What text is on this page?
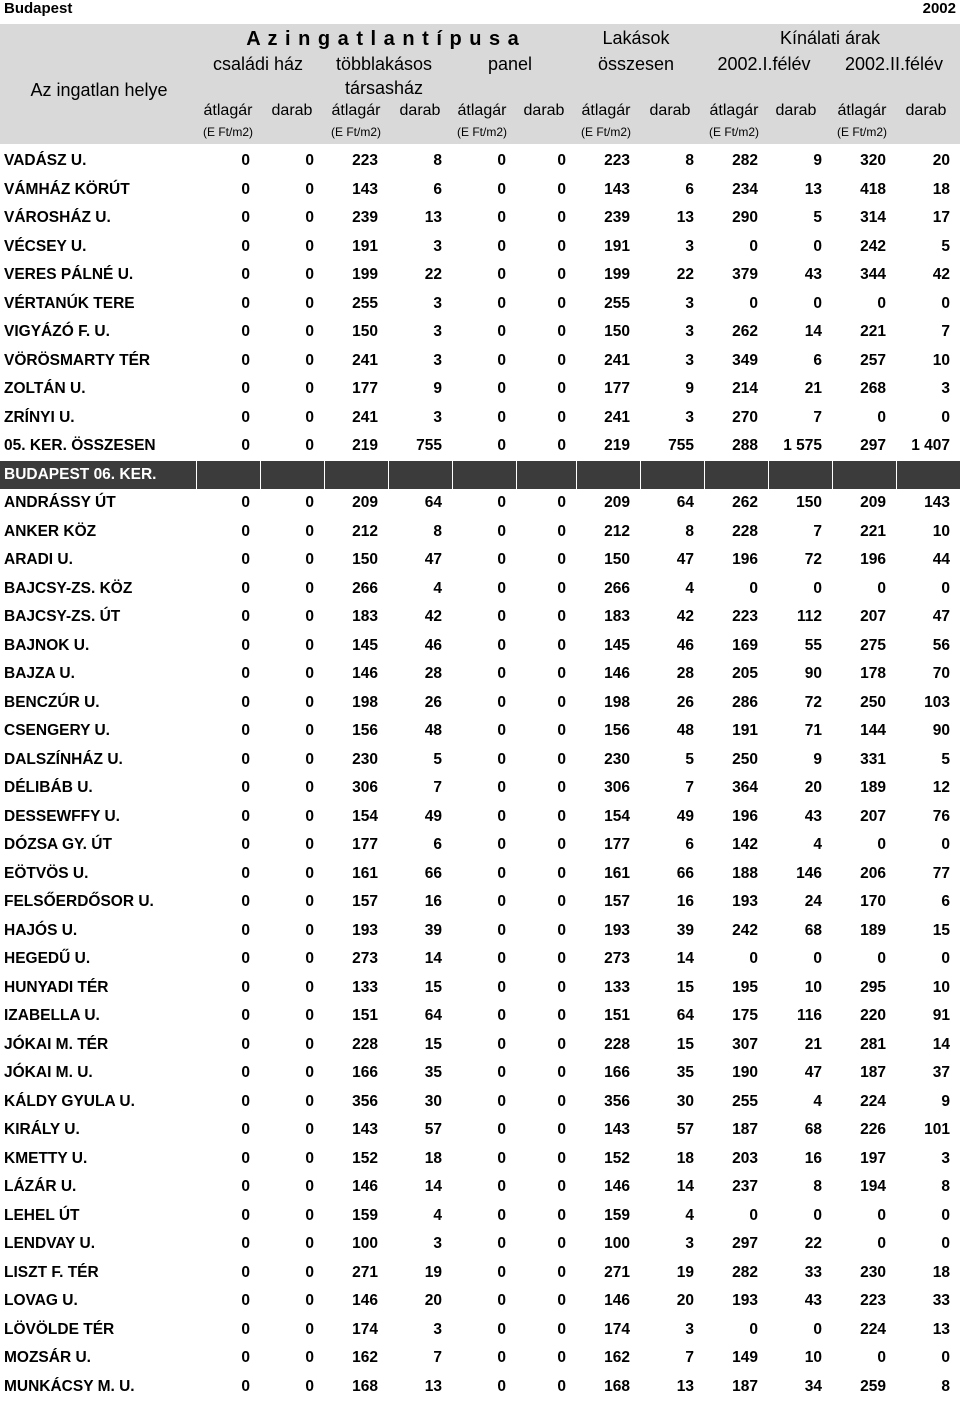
Budapest	2002
Az ingatlan helye
A z i n g a t l a n t í p u s a
családi ház	többlakásos
társasház
panel
Lakások
összesen
Kínálati árak
2002.I.félév	2002.II.félév
átlagár	darab	átlagár	darab	átlagár	darab	átlagár	darab	átlagár	darab	átlagár	darab
(E Ft/m2)	(E Ft/m2)	(E Ft/m2)	(E Ft/m2)	(E Ft/m2)	(E Ft/m2)
VADÁSZ U.	0	0	223	8	0	0	223	8	282	9	320	20
VÁMHÁZ KÖRÚT	0	0	143	6	0	0	143	6	234	13	418	18
VÁROSHÁZ U.	0	0	239	13	0	0	239	13	290	5	314	17
VÉCSEY U.	0	0	191	3	0	0	191	3	0	0	242	5
VERES PÁLNÉ U.	0	0	199	22	0	0	199	22	379	43	344	42
VÉRTANÚK TERE	0	0	255	3	0	0	255	3	0	0	0	0
VIGYÁZÓ F. U.	0	0	150	3	0	0	150	3	262	14	221	7
VÖRÖSMARTY TÉR	0	0	241	3	0	0	241	3	349	6	257	10
ZOLTÁN U.	0	0	177	9	0	0	177	9	214	21	268	3
ZRÍNYI U.	0	0	241	3	0	0	241	3	270	7	0	0
05. KER. ÖSSZESEN	0	0	219	755	0	0	219	755	288	1 575	297	1 407
BUDAPEST 06. KER.												
ANDRÁSSY ÚT	0	0	209	64	0	0	209	64	262	150	209	143
ANKER KÖZ	0	0	212	8	0	0	212	8	228	7	221	10
ARADI U.	0	0	150	47	0	0	150	47	196	72	196	44
BAJCSY-ZS. KÖZ	0	0	266	4	0	0	266	4	0	0	0	0
BAJCSY-ZS. ÚT	0	0	183	42	0	0	183	42	223	112	207	47
BAJNOK U.	0	0	145	46	0	0	145	46	169	55	275	56
BAJZA U.	0	0	146	28	0	0	146	28	205	90	178	70
BENCZÚR U.	0	0	198	26	0	0	198	26	286	72	250	103
CSENGERY U.	0	0	156	48	0	0	156	48	191	71	144	90
DALSZÍNHÁZ U.	0	0	230	5	0	0	230	5	250	9	331	5
DÉLIBÁB U.	0	0	306	7	0	0	306	7	364	20	189	12
DESSEWFFY U.	0	0	154	49	0	0	154	49	196	43	207	76
DÓZSA GY. ÚT	0	0	177	6	0	0	177	6	142	4	0	0
EÖTVÖS U.	0	0	161	66	0	0	161	66	188	146	206	77
FELSŐERDŐSOR U.	0	0	157	16	0	0	157	16	193	24	170	6
HAJÓS U.	0	0	193	39	0	0	193	39	242	68	189	15
HEGEDŰ U.	0	0	273	14	0	0	273	14	0	0	0	0
HUNYADI TÉR	0	0	133	15	0	0	133	15	195	10	295	10
IZABELLA U.	0	0	151	64	0	0	151	64	175	116	220	91
JÓKAI M. TÉR	0	0	228	15	0	0	228	15	307	21	281	14
JÓKAI M. U.	0	0	166	35	0	0	166	35	190	47	187	37
KÁLDY GYULA U.	0	0	356	30	0	0	356	30	255	4	224	9
KIRÁLY U.	0	0	143	57	0	0	143	57	187	68	226	101
KMETTY U.	0	0	152	18	0	0	152	18	203	16	197	3
LÁZÁR U.	0	0	146	14	0	0	146	14	237	8	194	8
LEHEL ÚT	0	0	159	4	0	0	159	4	0	0	0	0
LENDVAY U.	0	0	100	3	0	0	100	3	297	22	0	0
LISZT F. TÉR	0	0	271	19	0	0	271	19	282	33	230	18
LOVAG U.	0	0	146	20	0	0	146	20	193	43	223	33
LÖVÖLDE TÉR	0	0	174	3	0	0	174	3	0	0	224	13
MOZSÁR U.	0	0	162	7	0	0	162	7	149	10	0	0
MUNKÁCSY M. U.	0	0	168	13	0	0	168	13	187	34	259	8
